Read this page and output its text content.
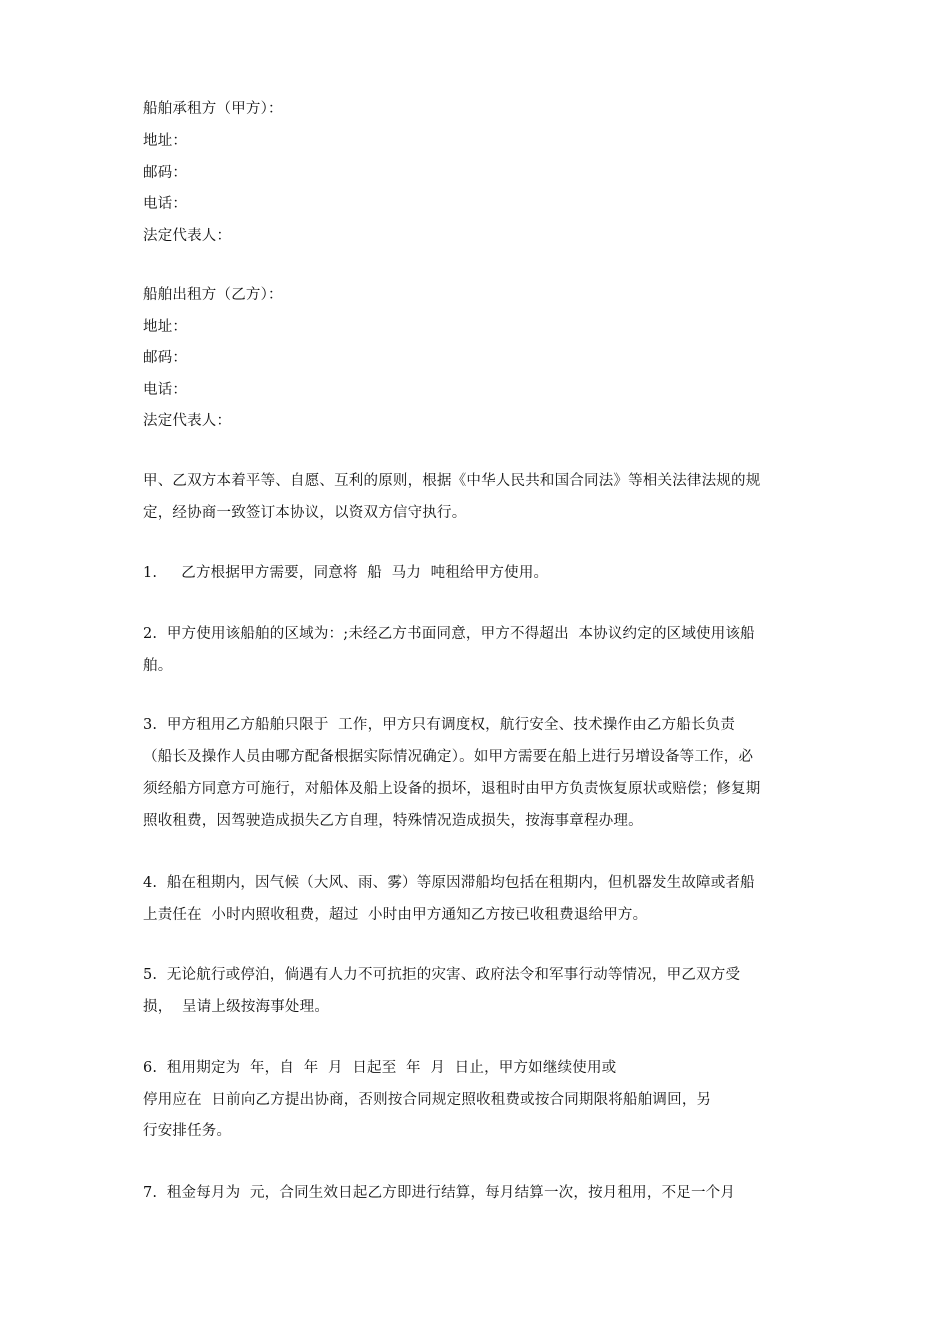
船舶承租方（甲方）：
地址：
邮码：
电话：
法定代表人：
船舶出租方（乙方）：
地址：
邮码：
电话：
法定代表人：
甲、乙双方本着平等、自愿、互利的原则，根据《中华人民共和国合同法》等相关法律法规的规
定，经协商一致签订本协议，以资双方信守执行。
1.     乙方根据甲方需要，同意将  船  马力  吨租给甲方使用。
2.  甲方使用该船舶的区域为：;未经乙方书面同意，甲方不得超出  本协议约定的区域使用该船
舶。
3.  甲方租用乙方船舶只限于  工作，甲方只有调度权，航行安全、技术操作由乙方船长负责
（船长及操作人员由哪方配备根据实际情况确定）。如甲方需要在船上进行另增设备等工作，必
须经船方同意方可施行，对船体及船上设备的损坏，退租时由甲方负责恢复原状或赔偿；修复期
照收租费，因驾驶造成损失乙方自理，特殊情况造成损失，按海事章程办理。
4.  船在租期内，因气候（大风、雨、雾）等原因滞船均包括在租期内，但机器发生故障或者船
上责任在  小时内照收租费，超过  小时由甲方通知乙方按已收租费退给甲方。
5.  无论航行或停泊，倘遇有人力不可抗拒的灾害、政府法令和军事行动等情况，甲乙双方受
损，  呈请上级按海事处理。
6.  租用期定为  年，自  年  月  日起至  年  月  日止，甲方如继续使用或
停用应在  日前向乙方提出协商，否则按合同规定照收租费或按合同期限将船舶调回，另
行安排任务。
7.  租金每月为  元，合同生效日起乙方即进行结算，每月结算一次，按月租用，不足一个月
